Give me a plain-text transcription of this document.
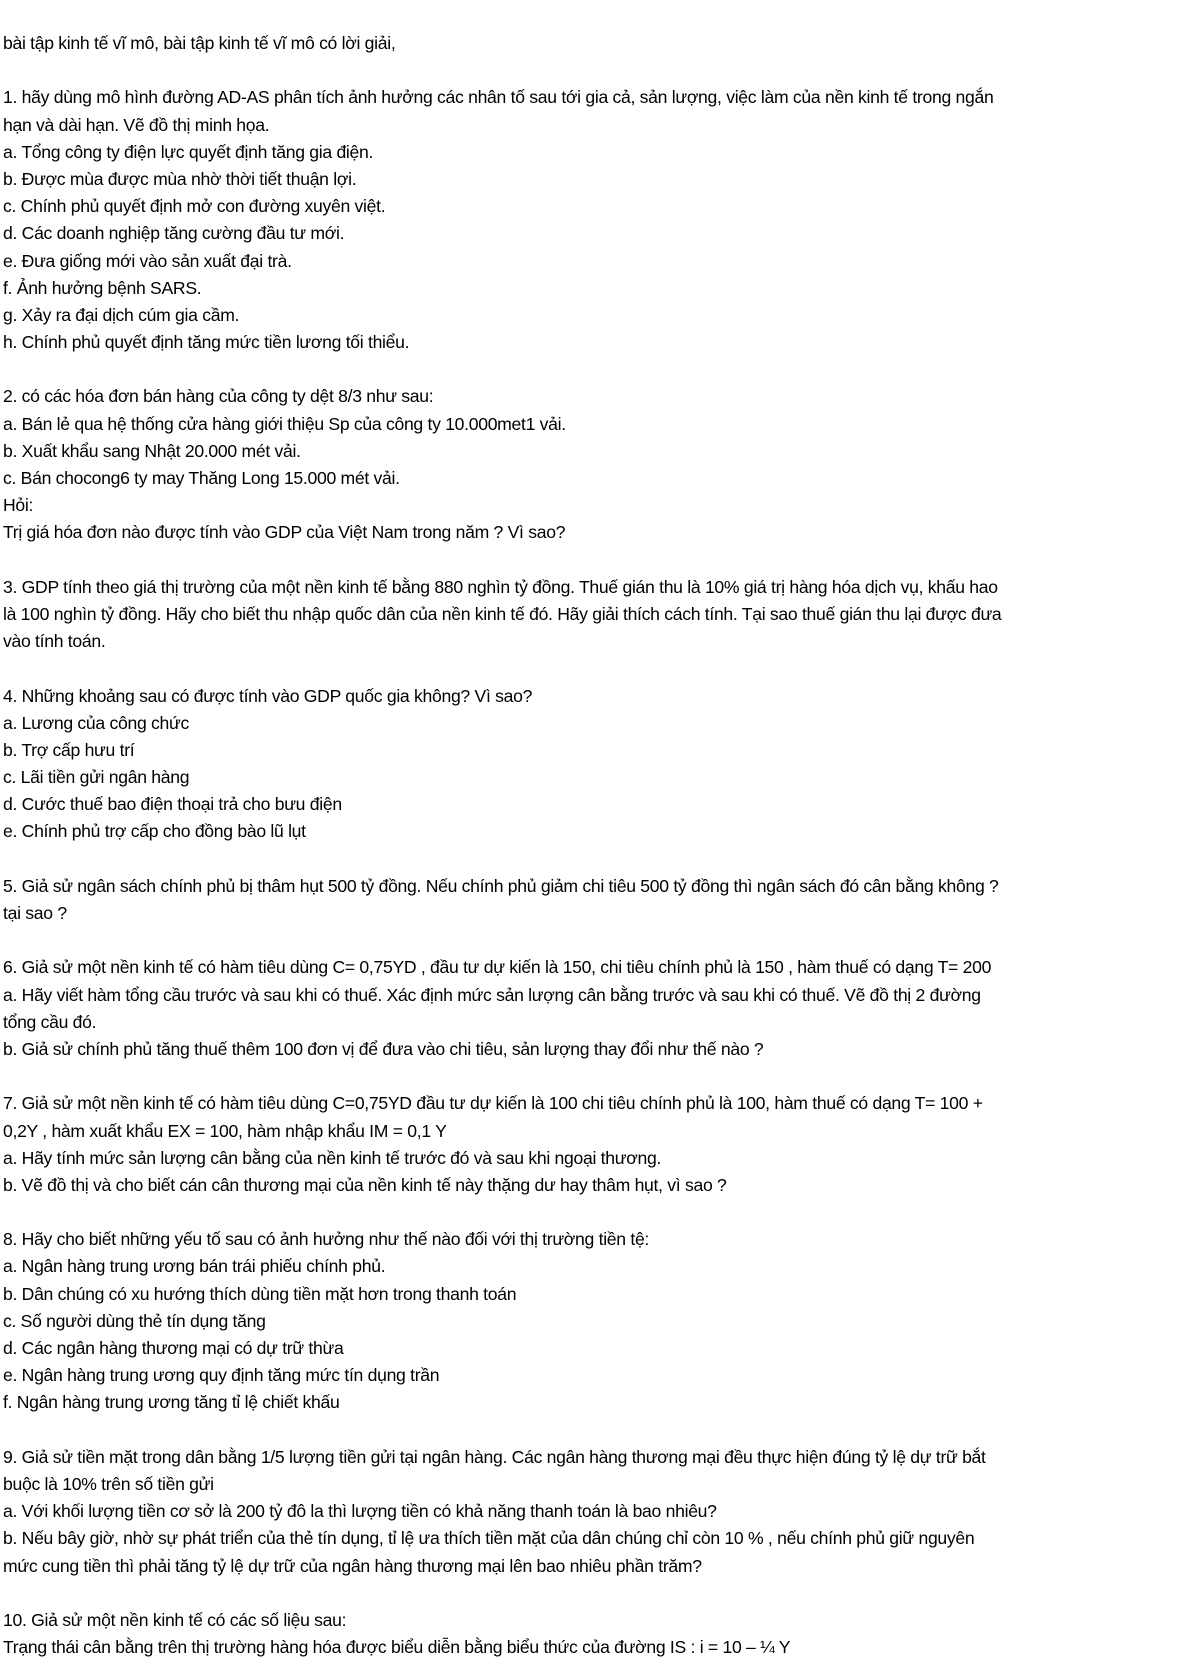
bài tập kinh tế vĩ mô, bài tập kinh tế vĩ mô có lời giải,
1. hãy dùng mô hình đường AD-AS phân tích ảnh hưởng các nhân tố sau tới gia cả, sản lượng, việc làm của nền kinh tế trong ngắn
hạn và dài hạn. Vẽ đồ thị minh họa.
a. Tổng công ty điện lực quyết định tăng gia điện.
b. Được mùa được mùa nhờ thời tiết thuận lợi.
c. Chính phủ quyết định mở con đường xuyên việt.
d. Các doanh nghiệp tăng cường đầu tư mới.
e. Đưa giống mới vào sản xuất đại trà.
f. Ảnh hưởng bệnh SARS.
g. Xảy ra đại dịch cúm gia cầm.
h. Chính phủ quyết định tăng mức tiền lương tối thiểu.
2. có các hóa đơn bán hàng của công ty dệt 8/3 như sau:
a. Bán lẻ qua hệ thống cửa hàng giới thiệu Sp của công ty 10.000met1 vải.
b. Xuất khẩu sang Nhật 20.000 mét vải.
c. Bán chocong6 ty may Thăng Long 15.000 mét vải.
Hỏi:
Trị giá hóa đơn nào được tính vào GDP của Việt Nam trong năm ? Vì sao?
3. GDP tính theo giá thị trường của một nền kinh tế bằng 880 nghìn tỷ đồng. Thuế gián thu là 10% giá trị hàng hóa dịch vụ, khấu hao
là 100 nghìn tỷ đồng. Hãy cho biết thu nhập quốc dân của nền kinh tế đó. Hãy giải thích cách tính. Tại sao thuế gián thu lại được đưa
vào tính toán.
4. Những khoảng sau có được tính vào GDP quốc gia không? Vì sao?
a. Lương của công chức
b. Trợ cấp hưu trí
c. Lãi tiền gửi ngân hàng
d. Cước thuế bao điện thoại trả cho bưu điện
e. Chính phủ trợ cấp cho đồng bào lũ lụt
5. Giả sử ngân sách chính phủ bị thâm hụt 500 tỷ đồng. Nếu chính phủ giảm chi tiêu 500 tỷ đồng thì ngân sách đó cân bằng không ?
tại sao ?
6. Giả sử một nền kinh tế có hàm tiêu dùng C= 0,75YD , đầu tư dự kiến là 150, chi tiêu chính phủ là 150 , hàm thuế có dạng T= 200
a. Hãy viết hàm tổng cầu trước và sau khi có thuế. Xác định mức sản lượng cân bằng trước và sau khi có thuế. Vẽ đồ thị 2 đường
tổng cầu đó.
b. Giả sử chính phủ tăng thuế thêm 100 đơn vị để đưa vào chi tiêu, sản lượng thay đổi như thế nào ?
7. Giả sử một nền kinh tế có hàm tiêu dùng C=0,75YD đầu tư dự kiến là 100 chi tiêu chính phủ là 100, hàm thuế có dạng T= 100 +
0,2Y , hàm xuất khẩu EX = 100, hàm nhập khẩu IM = 0,1 Y
a. Hãy tính mức sản lượng cân bằng của nền kinh tế trước đó và sau khi ngoại thương.
b. Vẽ đồ thị và cho biết cán cân thương mại của nền kinh tế này thặng dư hay thâm hụt, vì sao ?
8. Hãy cho biết những yếu tố sau có ảnh hưởng như thế nào đối với thị trường tiền tệ:
a. Ngân hàng trung ương bán trái phiếu chính phủ.
b. Dân chúng có xu hướng thích dùng tiền mặt hơn trong thanh toán
c. Số người dùng thẻ tín dụng tăng
d. Các ngân hàng thương mại có dự trữ thừa
e. Ngân hàng trung ương quy định tăng mức tín dụng trần
f. Ngân hàng trung ương tăng tỉ lệ chiết khấu
9. Giả sử tiền mặt trong dân bằng 1/5 lượng tiền gửi tại ngân hàng. Các ngân hàng thương mại đều thực hiện đúng tỷ lệ dự trữ bắt
buộc là 10% trên số tiền gửi
a. Với khối lượng tiền cơ sở là 200 tỷ đô la thì lượng tiền có khả năng thanh toán là bao nhiêu?
b. Nếu bây giờ, nhờ sự phát triển của thẻ tín dụng, tỉ lệ ưa thích tiền mặt của dân chúng chỉ còn 10 % , nếu chính phủ giữ nguyên
mức cung tiền thì phải tăng tỷ lệ dự trữ của ngân hàng thương mại lên bao nhiêu phần trăm?
10. Giả sử một nền kinh tế có các số liệu sau:
Trạng thái cân bằng trên thị trường hàng hóa được biểu diễn bằng biểu thức của đường IS : i = 10 – ¼ Y
